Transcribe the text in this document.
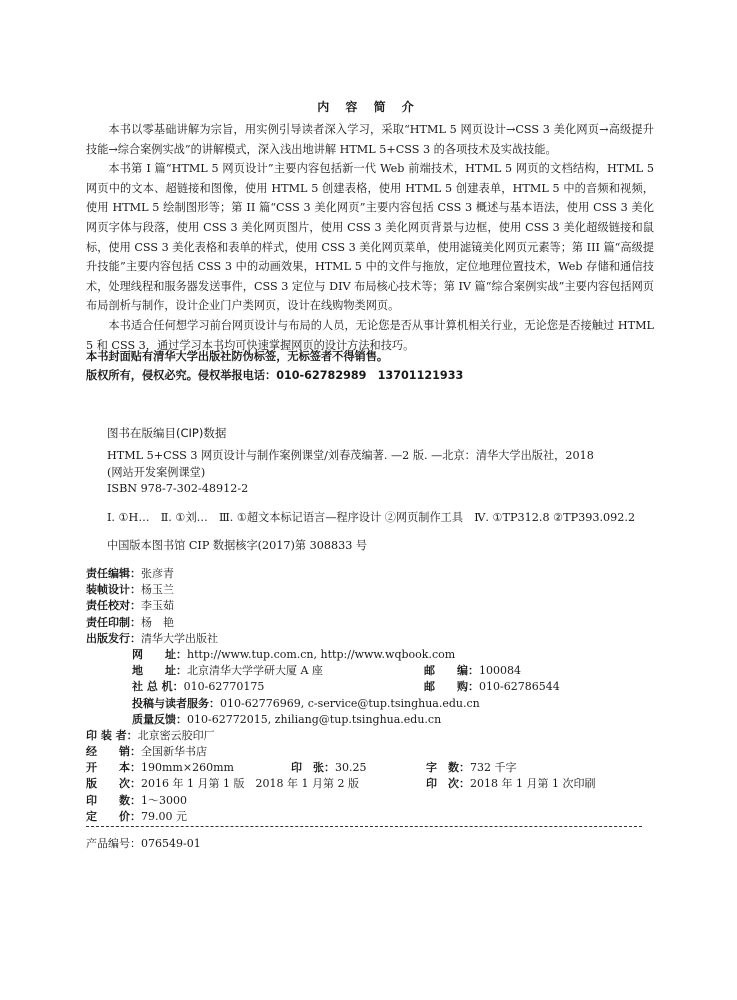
内 容 简 介

本书以零基础讲解为宗旨，用实例引导读者深入学习，采取“HTML 5 网页设计→CSS 3 美化网页→高级提升技能→综合案例实战”的讲解模式，深入浅出地讲解 HTML 5+CSS 3 的各项技术及实战技能。

本书第 I 篇“HTML 5 网页设计”主要内容包括新一代 Web 前端技术，HTML 5 网页的文档结构，HTML 5 网页中的文本、超链接和图像，使用 HTML 5 创建表格，使用 HTML 5 创建表单，HTML 5 中的音频和视频，使用 HTML 5 绘制图形等；第 II 篇“CSS 3 美化网页”主要内容包括 CSS 3 概述与基本语法，使用 CSS 3 美化网页字体与段落，使用 CSS 3 美化网页图片，使用 CSS 3 美化网页背景与边框，使用 CSS 3 美化超级链接和鼠标，使用 CSS 3 美化表格和表单的样式，使用 CSS 3 美化网页菜单，使用滤镜美化网页元素等；第 III 篇“高级提升技能”主要内容包括 CSS 3 中的动画效果，HTML 5 中的文件与拖放，定位地理位置技术，Web 存储和通信技术，处理线程和服务器发送事件，CSS 3 定位与 DIV 布局核心技术等；第 IV 篇“综合案例实战”主要内容包括网页布局剖析与制作，设计企业门户类网页，设计在线购物类网页。

本书适合任何想学习前台网页设计与布局的人员，无论您是否从事计算机相关行业，无论您是否接触过 HTML 5 和 CSS 3，通过学习本书均可快速掌握网页的设计方法和技巧。

本书封面贴有清华大学出版社防伪标签，无标签者不得销售。
版权所有，侵权必究。侵权举报电话：010-62782989　13701121933
图书在版编目(CIP)数据
HTML 5+CSS 3 网页设计与制作案例课堂/刘春茂编著. —2 版. —北京：清华大学出版社，2018
(网站开发案例课堂)
ISBN 978-7-302-48912-2
Ⅰ. ①H…　Ⅱ. ①刘…　Ⅲ. ①超文本标记语言—程序设计 ②网页制作工具　Ⅳ. ①TP312.8 ②TP393.092.2
中国版本图书馆 CIP 数据核字(2017)第 308833 号
责任编辑：张彦青
装帧设计：杨玉兰
责任校对：李玉茹
责任印制：杨　艳
出版发行：清华大学出版社
网　　址：http://www.tup.com.cn, http://www.wqbook.com
地　　址：北京清华大学学研大厦 A 座	邮　　编：100084
社 总 机：010-62770175	邮　　购：010-62786544
投稿与读者服务：010-62776969, c-service@tup.tsinghua.edu.cn
质量反馈：010-62772015, zhiliang@tup.tsinghua.edu.cn
印 装 者：北京密云胶印厂
经　　销：全国新华书店
开　　本：190mm×260mm	印　张：30.25	字　数：732 千字
版　　次：2016 年 1 月第 1 版　2018 年 1 月第 2 版	印　次：2018 年 1 月第 1 次印刷
印　　数：1～3000
定　　价：79.00 元
产品编号：076549-01
